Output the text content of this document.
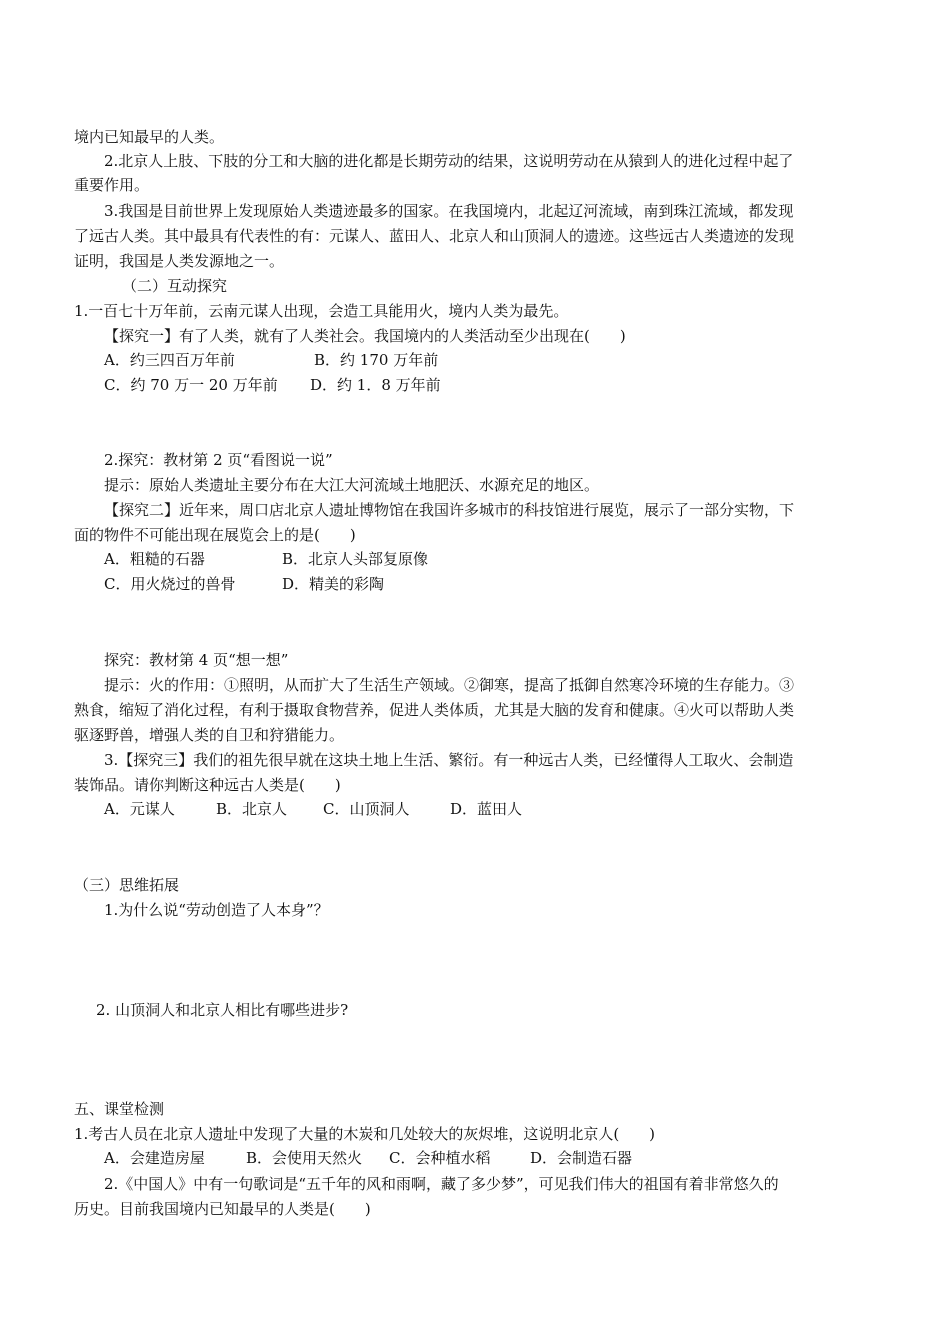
境内已知最早的人类。
2.北京人上肢、下肢的分工和大脑的进化都是长期劳动的结果，这说明劳动在从猿到人的进化过程中起了
重要作用。
3.我国是目前世界上发现原始人类遗迹最多的国家。在我国境内，北起辽河流域，南到珠江流域，都发现
了远古人类。其中最具有代表性的有：元谋人、蓝田人、北京人和山顶洞人的遗迹。这些远古人类遗迹的发现
证明，我国是人类发源地之一。
（二）互动探究
1.一百七十万年前，云南元谋人出现，会造工具能用火，境内人类为最先。
【探究一】有了人类，就有了人类社会。我国境内的人类活动至少出现在(　　)
A．约三四百万年前	B．约 170 万年前
C．约 70 万一 20 万年前 D．约 1．8 万年前
2.探究：教材第 2 页“看图说一说”
提示：原始人类遗址主要分布在大江大河流域土地肥沃、水源充足的地区。
【探究二】近年来，周口店北京人遗址博物馆在我国许多城市的科技馆进行展览，展示了一部分实物，下
面的物件不可能出现在展览会上的是(　　)
A．粗糙的石器	B．北京人头部复原像
C．用火烧过的兽骨	D．精美的彩陶
探究：教材第 4 页“想一想”
提示：火的作用：①照明，从而扩大了生活生产领域。②御寒，提高了抵御自然寒冷环境的生存能力。③
熟食，缩短了消化过程，有利于摄取食物营养，促进人类体质，尤其是大脑的发育和健康。④火可以帮助人类
驱逐野兽，增强人类的自卫和狩猎能力。
3.【探究三】我们的祖先很早就在这块土地上生活、繁衍。有一种远古人类，已经懂得人工取火、会制造
装饰品。请你判断这种远古人类是(　　)
A．元谋人	B．北京人 C．山顶洞人	D．蓝田人
（三）思维拓展
1.为什么说“劳动创造了人本身”？
2. 山顶洞人和北京人相比有哪些进步?
五、课堂检测
1.考古人员在北京人遗址中发现了大量的木炭和几处较大的灰烬堆，这说明北京人(　　)
A．会建造房屋	B．会使用天然火 C．会种植水稻	D．会制造石器
2.《中国人》中有一句歌词是“五千年的风和雨啊，藏了多少梦”，可见我们伟大的祖国有着非常悠久的
历史。目前我国境内已知最早的人类是(　　)
